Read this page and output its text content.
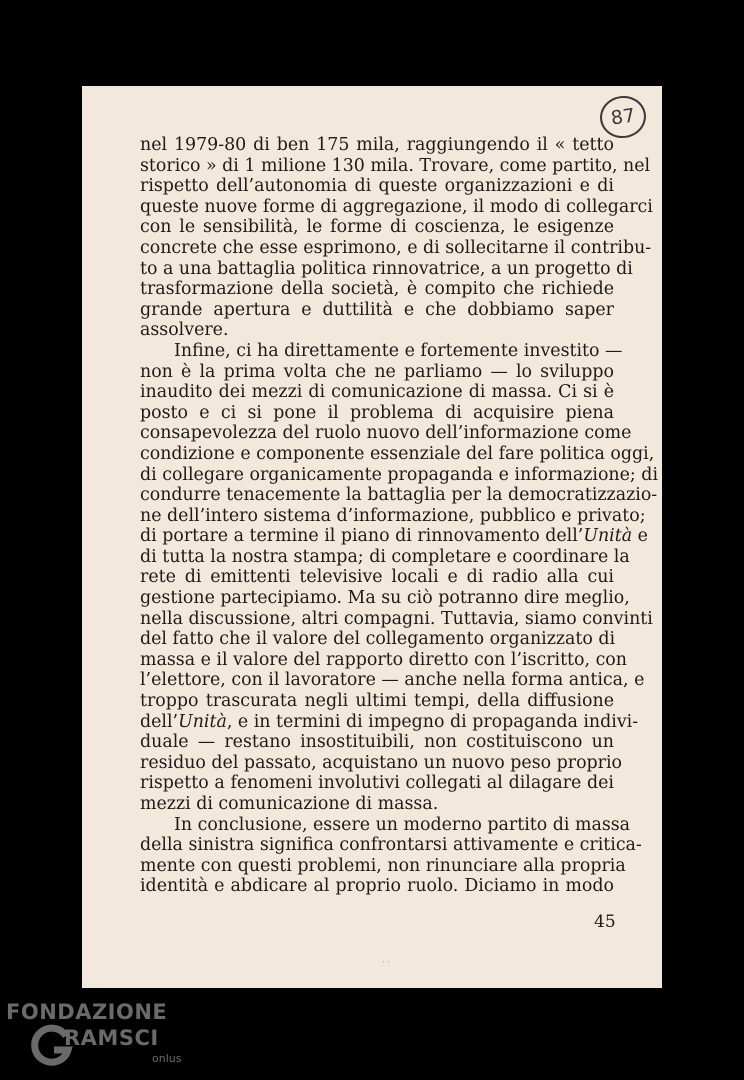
87
nel 1979-80 di ben 175 mila, raggiungendo il « tetto
storico » di 1 milione 130 mila. Trovare, come partito, nel
rispetto dell’autonomia di queste organizzazioni e di
queste nuove forme di aggregazione, il modo di collegarci
con le sensibilità, le forme di coscienza, le esigenze
concrete che esse esprimono, e di sollecitarne il contribu-
to a una battaglia politica rinnovatrice, a un progetto di
trasformazione della società, è compito che richiede
grande apertura e duttilità e che dobbiamo saper
assolvere.
Infine, ci ha direttamente e fortemente investito —
non è la prima volta che ne parliamo — lo sviluppo
inaudito dei mezzi di comunicazione di massa. Ci si è
posto e ci si pone il problema di acquisire piena
consapevolezza del ruolo nuovo dell’informazione come
condizione e componente essenziale del fare politica oggi,
di collegare organicamente propaganda e informazione; di
condurre tenacemente la battaglia per la democratizzazio-
ne dell’intero sistema d’informazione, pubblico e privato;
di portare a termine il piano di rinnovamento dell’Unità e
di tutta la nostra stampa; di completare e coordinare la
rete di emittenti televisive locali e di radio alla cui
gestione partecipiamo. Ma su ciò potranno dire meglio,
nella discussione, altri compagni. Tuttavia, siamo convinti
del fatto che il valore del collegamento organizzato di
massa e il valore del rapporto diretto con l’iscritto, con
l’elettore, con il lavoratore — anche nella forma antica, e
troppo trascurata negli ultimi tempi, della diffusione
dell’Unità, e in termini di impegno di propaganda indivi-
duale — restano insostituibili, non costituiscono un
residuo del passato, acquistano un nuovo peso proprio
rispetto a fenomeni involutivi collegati al dilagare dei
mezzi di comunicazione di massa.
In conclusione, essere un moderno partito di massa
della sinistra significa confrontarsi attivamente e critica-
mente con questi problemi, non rinunciare alla propria
identità e abdicare al proprio ruolo. Diciamo in modo
45
ᐧ ᐧ
FONDAZIONE
RAMSCI
onlus
